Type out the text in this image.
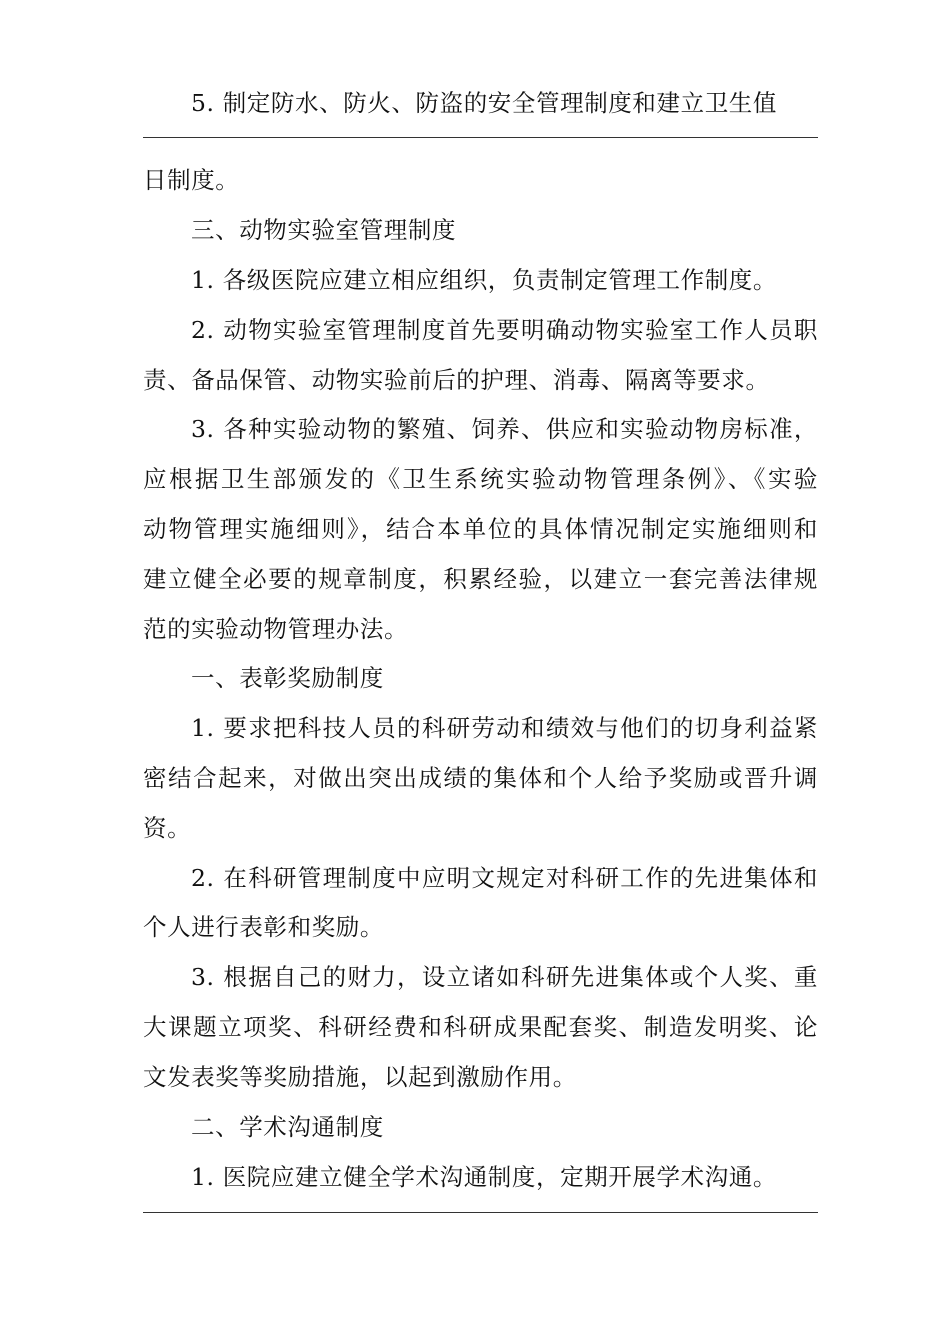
5. 制定防水、防火、防盗的安全管理制度和建立卫生值
日制度。
三、动物实验室管理制度
1. 各级医院应建立相应组织，负责制定管理工作制度。
2. 动物实验室管理制度首先要明确动物实验室工作人员职
责、备品保管、动物实验前后的护理、消毒、隔离等要求。
3. 各种实验动物的繁殖、饲养、供应和实验动物房标准，
应根据卫生部颁发的《卫生系统实验动物管理条例》、《实验
动物管理实施细则》，结合本单位的具体情况制定实施细则和
建立健全必要的规章制度，积累经验，以建立一套完善法律规
范的实验动物管理办法。
一、表彰奖励制度
1. 要求把科技人员的科研劳动和绩效与他们的切身利益紧
密结合起来，对做出突出成绩的集体和个人给予奖励或晋升调
资。
2. 在科研管理制度中应明文规定对科研工作的先进集体和
个人进行表彰和奖励。
3. 根据自己的财力，设立诸如科研先进集体或个人奖、重
大课题立项奖、科研经费和科研成果配套奖、制造发明奖、论
文发表奖等奖励措施，以起到激励作用。
二、学术沟通制度
1. 医院应建立健全学术沟通制度，定期开展学术沟通。
